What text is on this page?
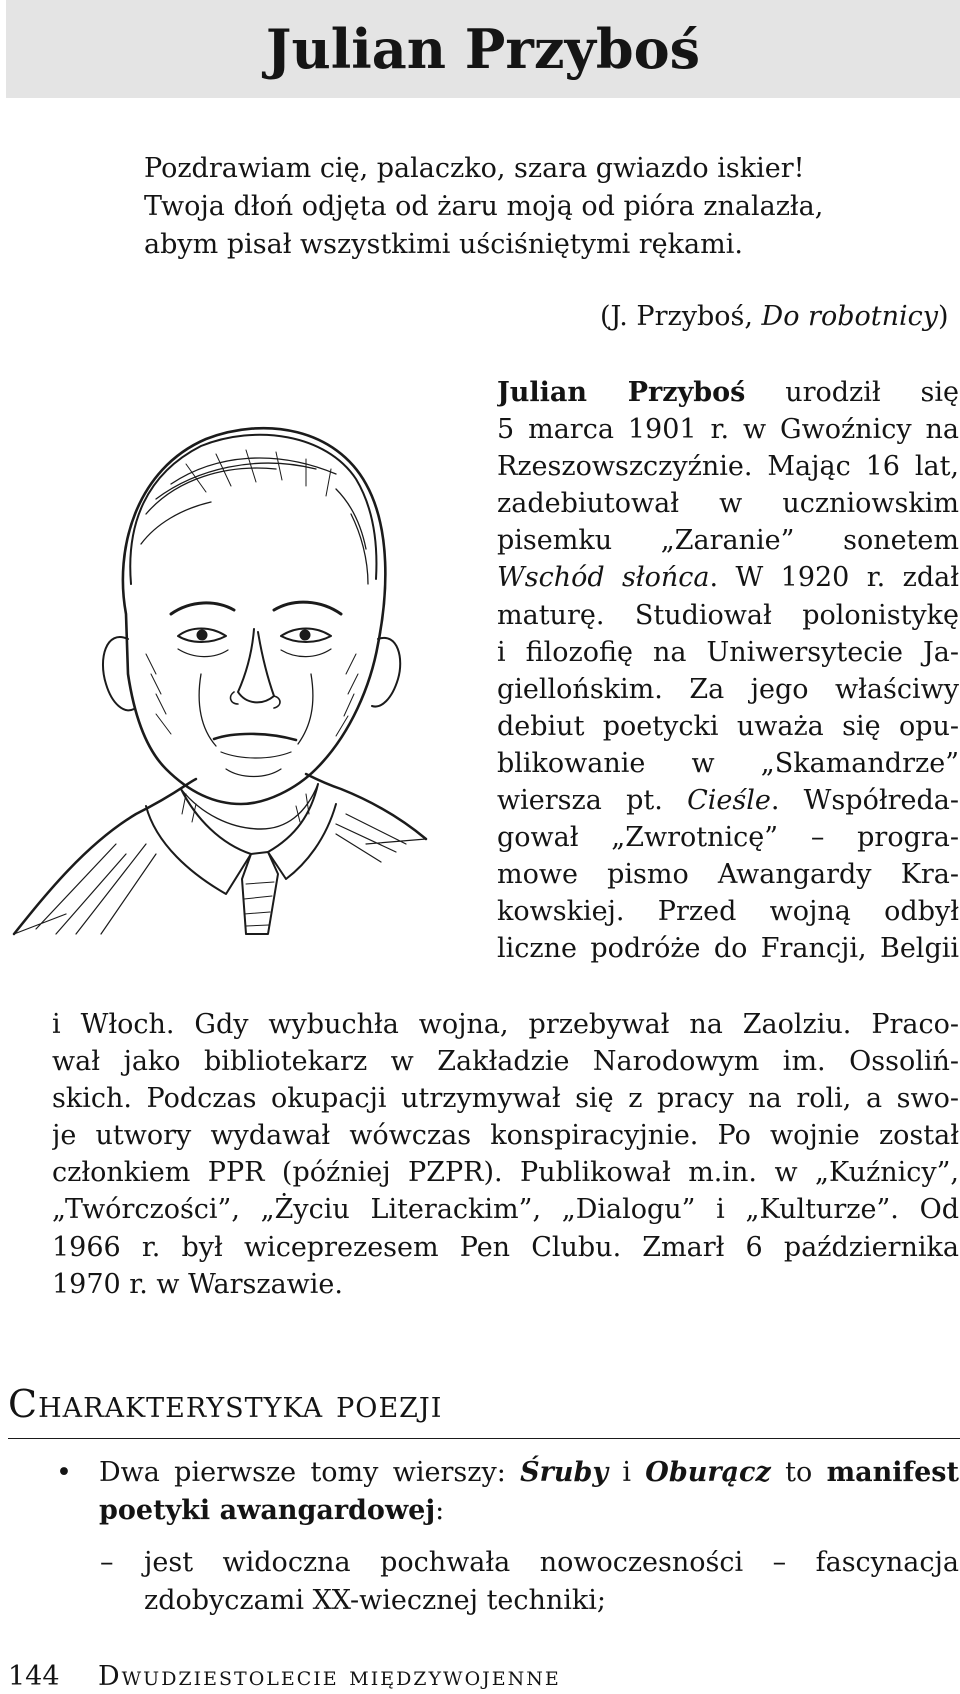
Julian Przyboś
Pozdrawiam cię, palaczko, szara gwiazdo iskier!
Twoja dłoń odjęta od żaru moją od pióra znalazła,
abym pisał wszystkimi uściśniętymi rękami.
(J. Przyboś, Do robotnicy)
Julian Przyboś urodził się
5 marca 1901 r. w Gwoźnicy na
Rzeszowszczyźnie. Mając 16 lat,
zadebiutował w uczniowskim
pisemku „Zaranie” sonetem
Wschód słońca. W 1920 r. zdał
maturę. Studiował polonistykę
i filozofię na Uniwersytecie Ja-
giellońskim. Za jego właściwy
debiut poetycki uważa się opu-
blikowanie w „Skamandrze”
wiersza pt. Cieśle. Współreda-
gował „Zwrotnicę” – progra-
mowe pismo Awangardy Kra-
kowskiej. Przed wojną odbył
liczne podróże do Francji, Belgii
i Włoch. Gdy wybuchła wojna, przebywał na Zaolziu. Praco-
wał jako bibliotekarz w Zakładzie Narodowym im. Ossoliń-
skich. Podczas okupacji utrzymywał się z pracy na roli, a swo-
je utwory wydawał wówczas konspiracyjnie. Po wojnie został
członkiem PPR (później PZPR). Publikował m.in. w „Kuźnicy”,
„Twórczości”, „Życiu Literackim”, „Dialogu” i „Kulturze”. Od
1966 r. był wiceprezesem Pen Clubu. Zmarł 6 października
1970 r. w Warszawie.
Charakterystyka poezji
• Dwa pierwsze tomy wierszy: Śruby i Oburącz to manifest
poetyki awangardowej:
– jest widoczna pochwała nowoczesności – fascynacja
zdobyczami XX-wiecznej techniki;
144 Dwudziestolecie międzywojenne
